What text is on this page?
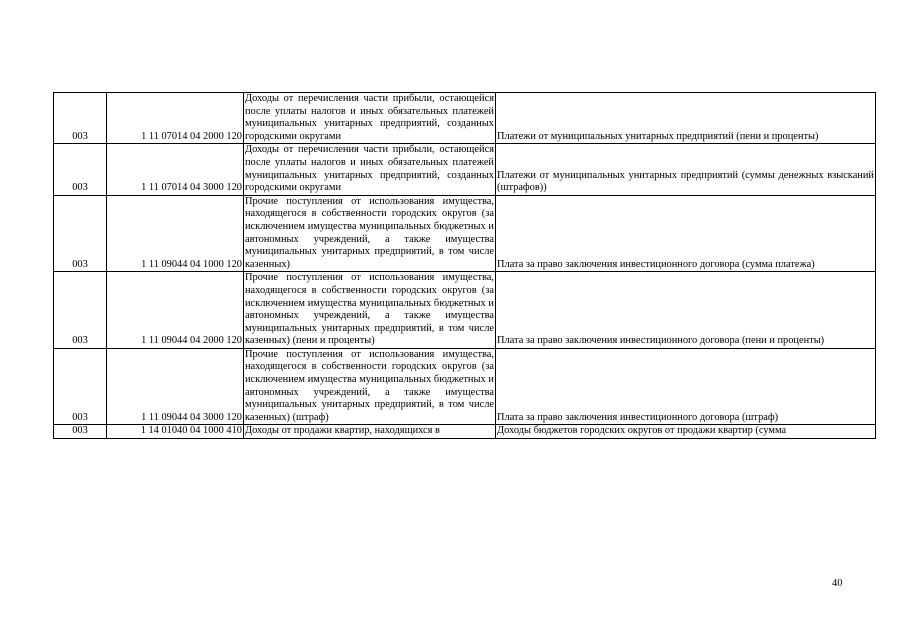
003	1 11 07014 04 2000 120	Доходы от перечисления части прибыли, остающейся после уплаты налогов и иных обязательных платежей муниципальных унитарных предприятий, созданных городскими округами	Платежи от муниципальных унитарных предприятий (пени и проценты)
003	1 11 07014 04 3000 120	Доходы от перечисления части прибыли, остающейся после уплаты налогов и иных обязательных платежей муниципальных унитарных предприятий, созданных городскими округами	Платежи от муниципальных унитарных предприятий (суммы денежных взысканий (штрафов))
003	1 11 09044 04 1000 120	Прочие поступления от использования имущества, находящегося в собственности городских округов (за исключением имущества муниципальных бюджетных и автономных учреждений, а также имущества муниципальных унитарных предприятий, в том числе казенных)	Плата за право заключения инвестиционного договора (сумма платежа)
003	1 11 09044 04 2000 120	Прочие поступления от использования имущества, находящегося в собственности городских округов (за исключением имущества муниципальных бюджетных и автономных учреждений, а также имущества муниципальных унитарных предприятий, в том числе казенных) (пени и проценты)	Плата за право заключения инвестиционного договора (пени и проценты)
003	1 11 09044 04 3000 120	Прочие поступления от использования имущества, находящегося в собственности городских округов (за исключением имущества муниципальных бюджетных и автономных учреждений, а также имущества муниципальных унитарных предприятий, в том числе казенных) (штраф)	Плата за право заключения инвестиционного договора (штраф)
003	1 14 01040 04 1000 410	Доходы от продажи квартир, находящихся в	Доходы бюджетов городских округов от продажи квартир (сумма
40
